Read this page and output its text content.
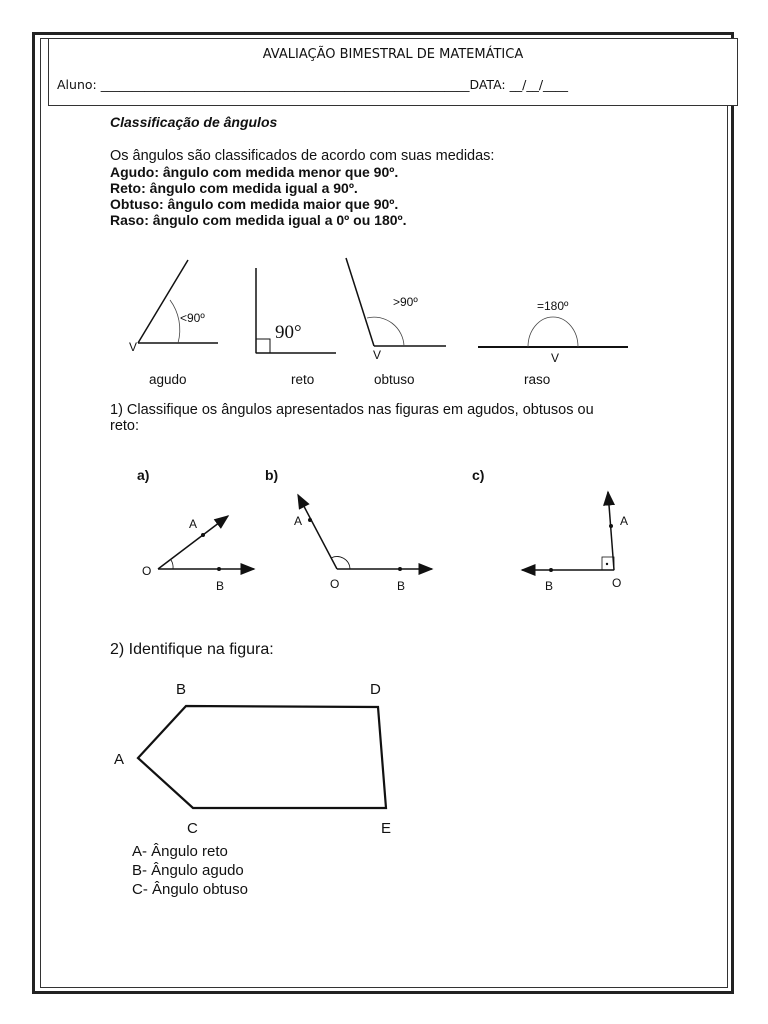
AVALIAÇÃO BIMESTRAL DE MATEMÁTICA
Aluno: ___________________________________________________________DATA: __/__/____
Classificação de ângulos
Os ângulos são classificados de acordo com suas medidas:
Agudo: ângulo com medida menor que 90º.
Reto: ângulo com medida igual a 90º.
Obtuso: ângulo com medida maior que 90º.
Raso: ângulo com medida igual a 0º ou 180º.
<90º
V
90°
>90º
V
=180º
V
agudo	reto	obtuso	raso
1) Classifique os ângulos apresentados nas figuras em agudos, obtusos ou
reto:
a)
A
B
O
b)
A
B
O
c)
A
B	O
2) Identifique na figura:
A
B
C
D
E
A- Ângulo reto
B- Ângulo agudo
C- Ângulo obtuso
